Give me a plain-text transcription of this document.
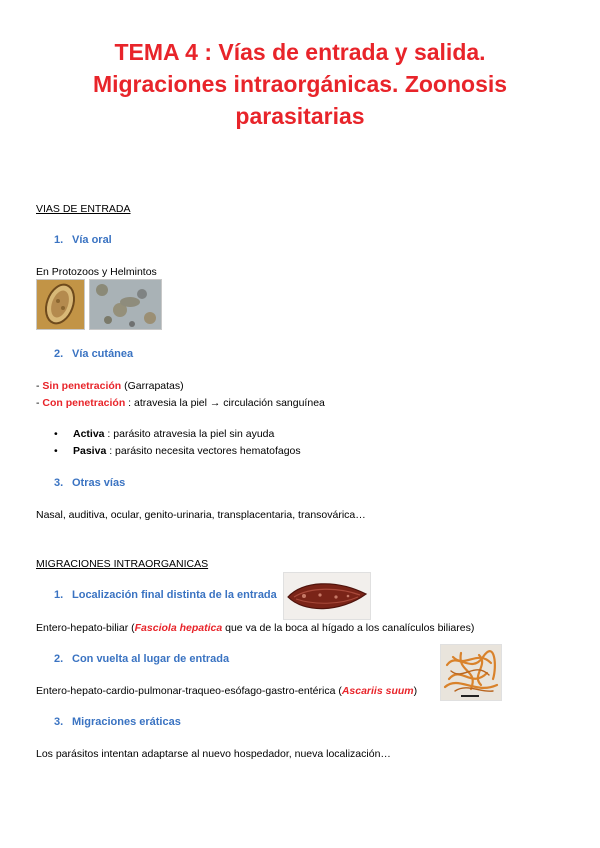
TEMA 4 : Vías de entrada y salida.
Migraciones intraorgánicas. Zoonosis
parasitarias
VIAS DE ENTRADA
1. Vía oral
En Protozoos y Helmintos
2. Vía cutánea
- Sin penetración (Garrapatas)
- Con penetración : atravesia la piel → circulación sanguínea
• Activa : parásito atravesia la piel sin ayuda
• Pasiva : parásito necesita vectores hematofagos
3. Otras vías
Nasal, auditiva, ocular, genito-urinaria, transplacentaria, transovárica…
MIGRACIONES INTRAORGANICAS
1. Localización final distinta de la entrada
Entero-hepato-biliar (Fasciola hepatica que va de la boca al hígado a los canalículos biliares)
2. Con vuelta al lugar de entrada
Entero-hepato-cardio-pulmonar-traqueo-esófago-gastro-entérica (Ascariis suum)
3. Migraciones eráticas
Los parásitos intentan adaptarse al nuevo hospedador, nueva localización…
